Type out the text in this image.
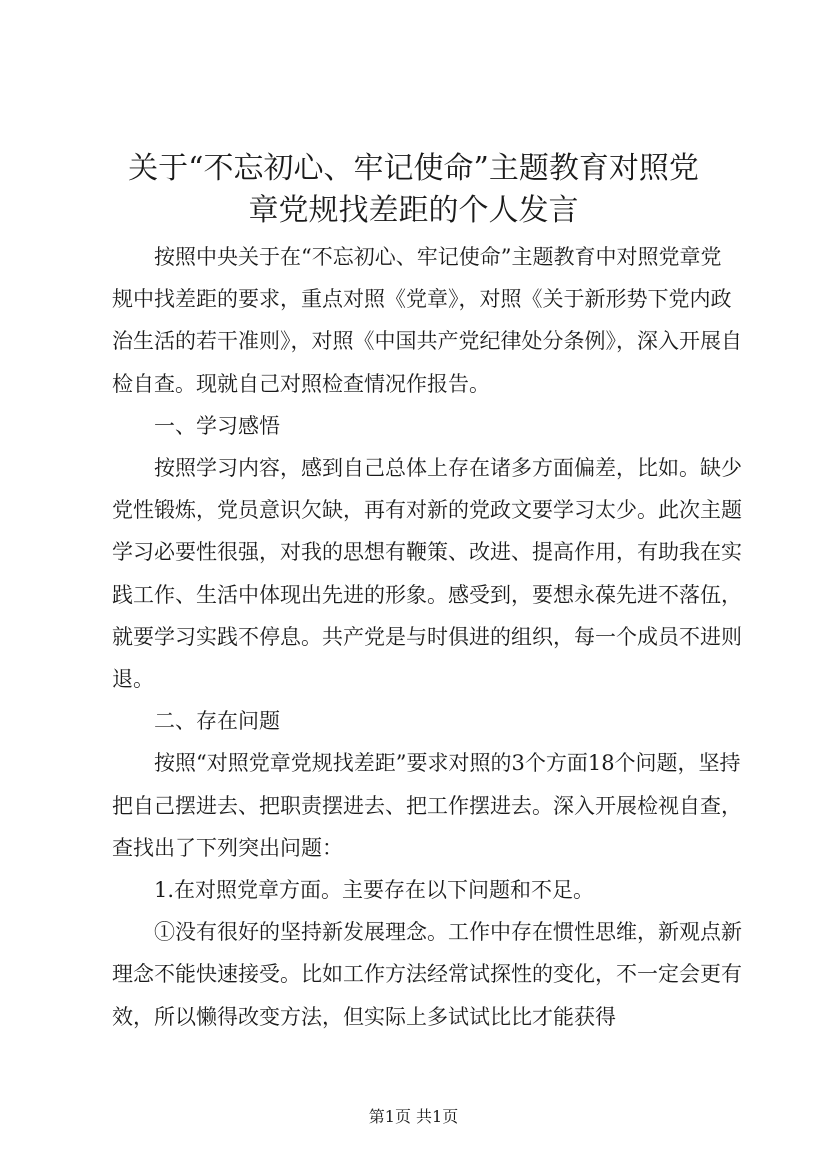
关于“不忘初心、牢记使命”主题教育对照党
章党规找差距的个人发言

按照中央关于在“不忘初心、牢记使命”主题教育中对照党章党规中找差距的要求，重点对照《党章》，对照《关于新形势下党内政治生活的若干准则》，对照《中国共产党纪律处分条例》，深入开展自检自查。现就自己对照检查情况作报告。

一、学习感悟

按照学习内容，感到自己总体上存在诸多方面偏差，比如。缺少党性锻炼，党员意识欠缺，再有对新的党政文要学习太少。此次主题学习必要性很强，对我的思想有鞭策、改进、提高作用，有助我在实践工作、生活中体现出先进的形象。感受到，要想永葆先进不落伍，就要学习实践不停息。共产党是与时俱进的组织，每一个成员不进则退。

二、存在问题

按照“对照党章党规找差距”要求对照的3个方面18个问题，坚持把自己摆进去、把职责摆进去、把工作摆进去。深入开展检视自查，查找出了下列突出问题：

1.在对照党章方面。主要存在以下问题和不足。

①没有很好的坚持新发展理念。工作中存在惯性思维，新观点新理念不能快速接受。比如工作方法经常试探性的变化，不一定会更有效，所以懒得改变方法，但实际上多试试比比才能获得

第1页 共1页
